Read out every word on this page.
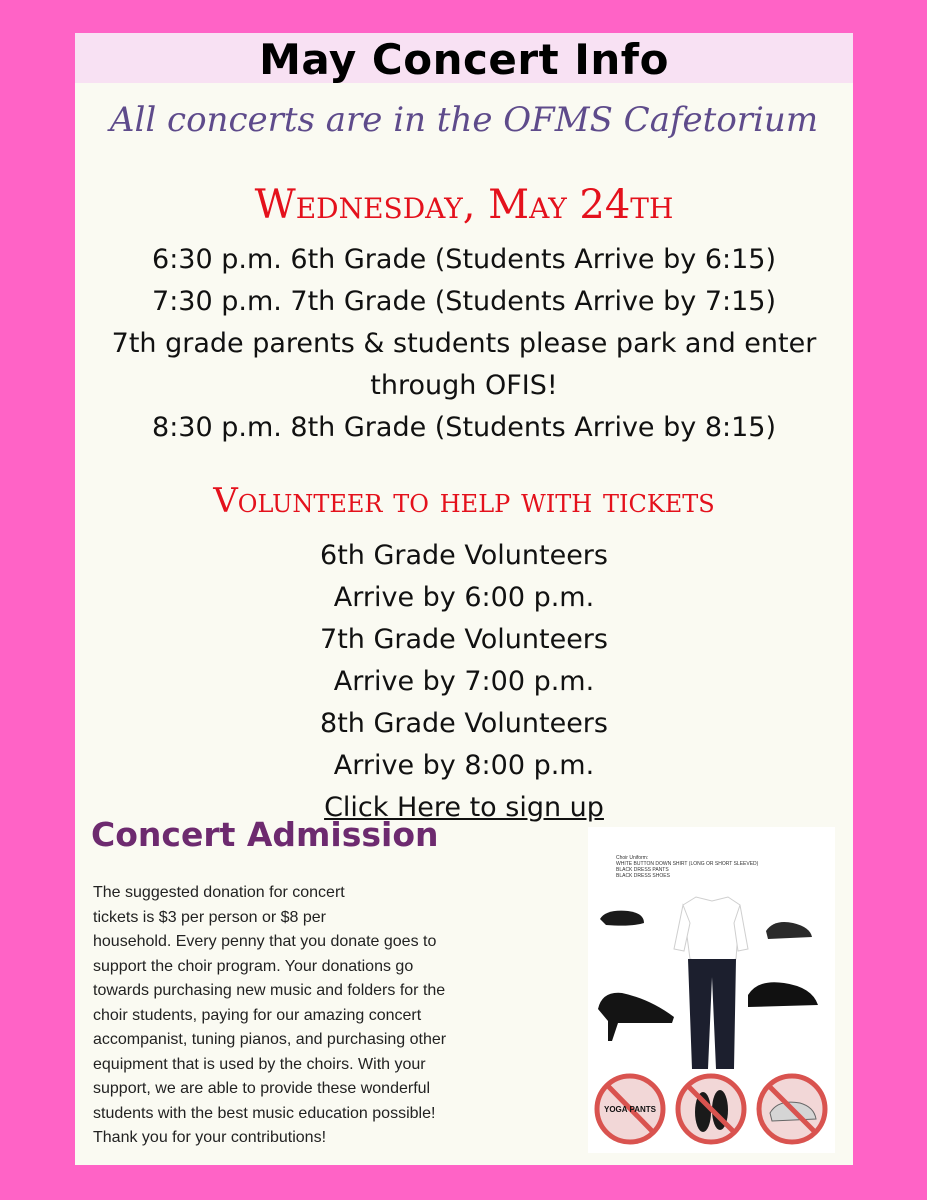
May Concert Info
All concerts are in the OFMS Cafetorium
Wednesday, May 24th
6:30 p.m. 6th Grade (Students Arrive by 6:15)
7:30 p.m. 7th Grade (Students Arrive by 7:15)
7th grade parents & students please park and enter
through OFIS!
8:30 p.m. 8th Grade (Students Arrive by 8:15)
Volunteer to help with tickets
6th Grade Volunteers
Arrive by 6:00 p.m.
7th Grade Volunteers
Arrive by 7:00 p.m.
8th Grade Volunteers
Arrive by 8:00 p.m.
Click Here to sign up
Concert Admission
The suggested donation for concert
tickets is $3 per person or $8 per
household. Every penny that you donate goes to
support the choir program. Your donations go
towards purchasing new music and folders for the
choir students, paying for our amazing concert
accompanist, tuning pianos, and purchasing other
equipment that is used by the choirs. With your
support, we are able to provide these wonderful
students with the best music education possible!
Thank you for your contributions!
Choir Uniform:
WHITE BUTTON DOWN SHIRT (LONG OR SHORT SLEEVED)
BLACK DRESS PANTS
BLACK DRESS SHOES
YOGA PANTS
